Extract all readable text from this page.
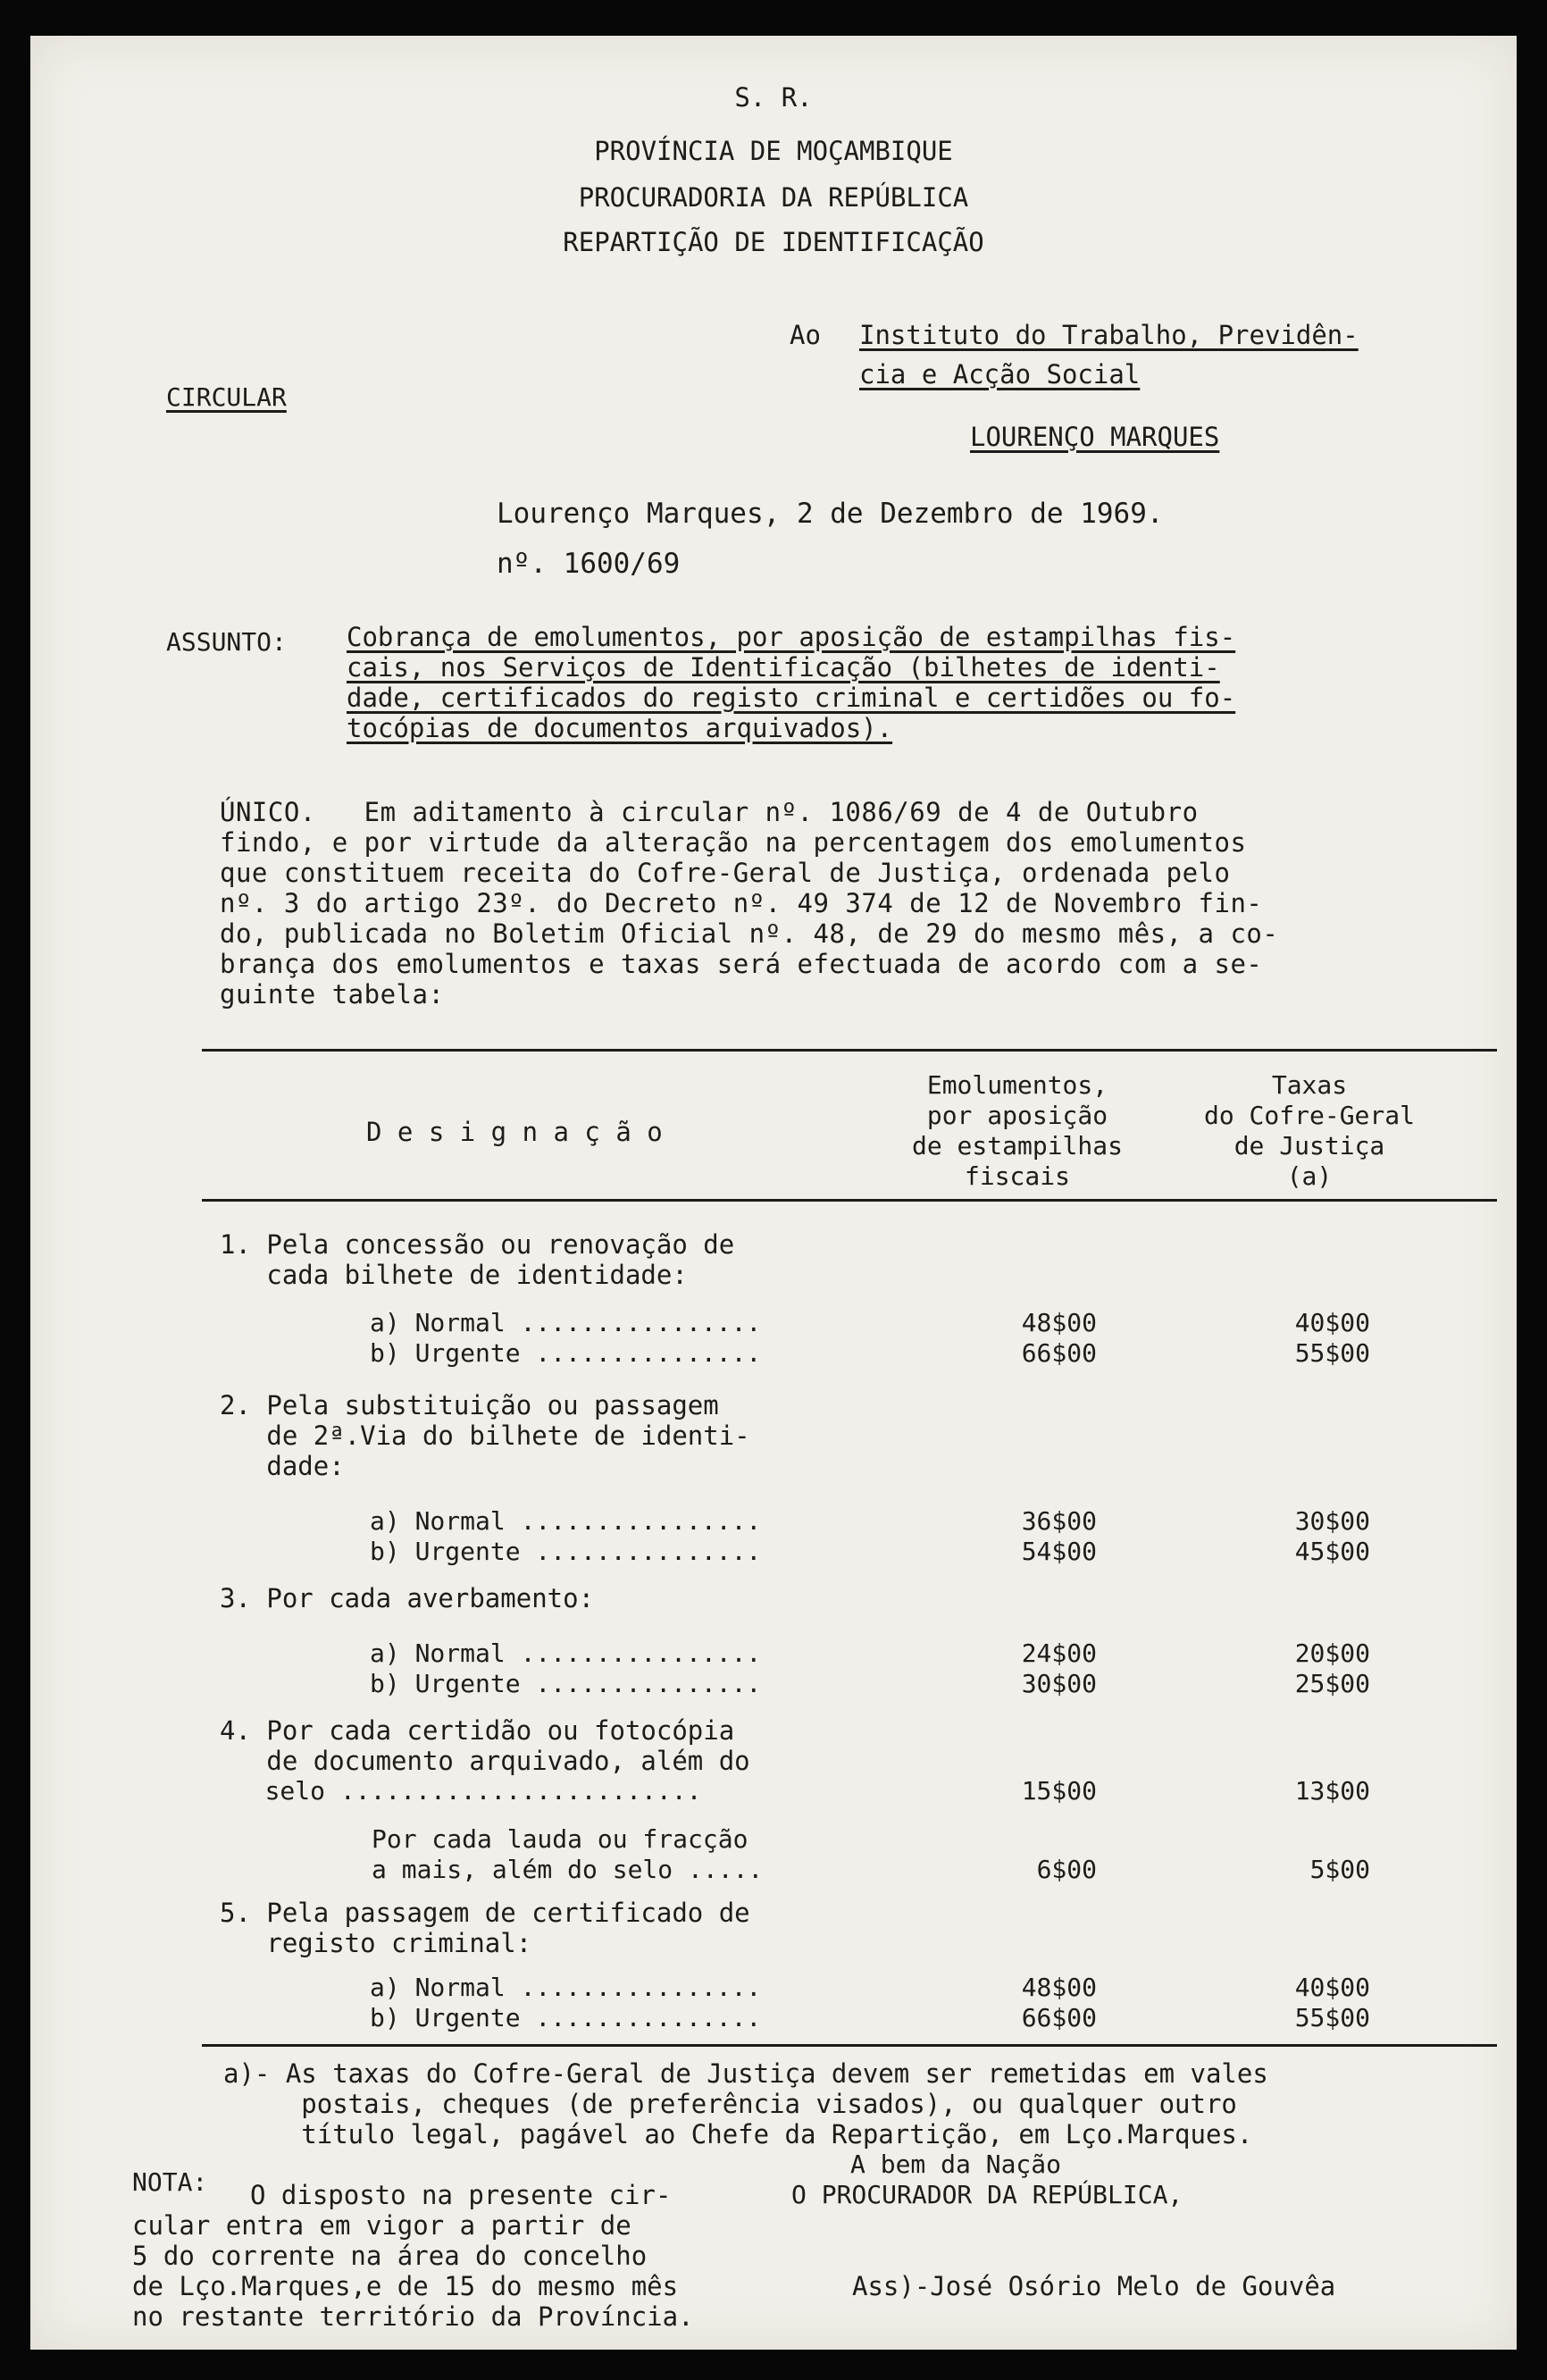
S. R.
PROVÍNCIA DE MOÇAMBIQUE
PROCURADORIA DA REPÚBLICA
REPARTIÇÃO DE IDENTIFICAÇÃO
Ao Instituto do Trabalho, Previdên-
cia e Acção Social
LOURENÇO MARQUES
CIRCULAR
Lourenço Marques, 2 de Dezembro de 1969.
nº. 1600/69
ASSUNTO: Cobrança de emolumentos, por aposição de estampilhas fis-
cais, nos Serviços de Identificação (bilhetes de identi-
dade, certificados do registo criminal e certidões ou fo-
tocópias de documentos arquivados).
ÚNICO.   Em aditamento à circular nº. 1086/69 de 4 de Outubro
findo, e por virtude da alteração na percentagem dos emolumentos
que constituem receita do Cofre-Geral de Justiça, ordenada pelo
nº. 3 do artigo 23º. do Decreto nº. 49 374 de 12 de Novembro fin-
do, publicada no Boletim Oficial nº. 48, de 29 do mesmo mês, a co-
brança dos emolumentos e taxas será efectuada de acordo com a se-
guinte tabela:
D e s i g n a ç ã o
Emolumentos,
por aposição
de estampilhas
fiscais
Taxas
do Cofre-Geral
de Justiça
(a)
1. Pela concessão ou renovação de
cada bilhete de identidade:
a) Normal ................	48$00	40$00
b) Urgente ...............	66$00	55$00
2. Pela substituição ou passagem
de 2ª.Via do bilhete de identi-
dade:
a) Normal ................	36$00	30$00
b) Urgente ...............	54$00	45$00
3. Por cada averbamento:
a) Normal ................	24$00	20$00
b) Urgente ...............	30$00	25$00
4. Por cada certidão ou fotocópia
de documento arquivado, além do
selo ........................	15$00	13$00
Por cada lauda ou fracção
a mais, além do selo .....	6$00	5$00
5. Pela passagem de certificado de
registo criminal:
a) Normal ................	48$00	40$00
b) Urgente ...............	66$00	55$00
a)- As taxas do Cofre-Geral de Justiça devem ser remetidas em vales
postais, cheques (de preferência visados), ou qualquer outro
título legal, pagável ao Chefe da Repartição, em Lço.Marques.
NOTA: O disposto na presente cir-
cular entra em vigor a partir de
5 do corrente na área do concelho
de Lço.Marques,e de 15 do mesmo mês
no restante território da Província.
A bem da Nação
O PROCURADOR DA REPÚBLICA,
Ass)-José Osório Melo de Gouvêa
